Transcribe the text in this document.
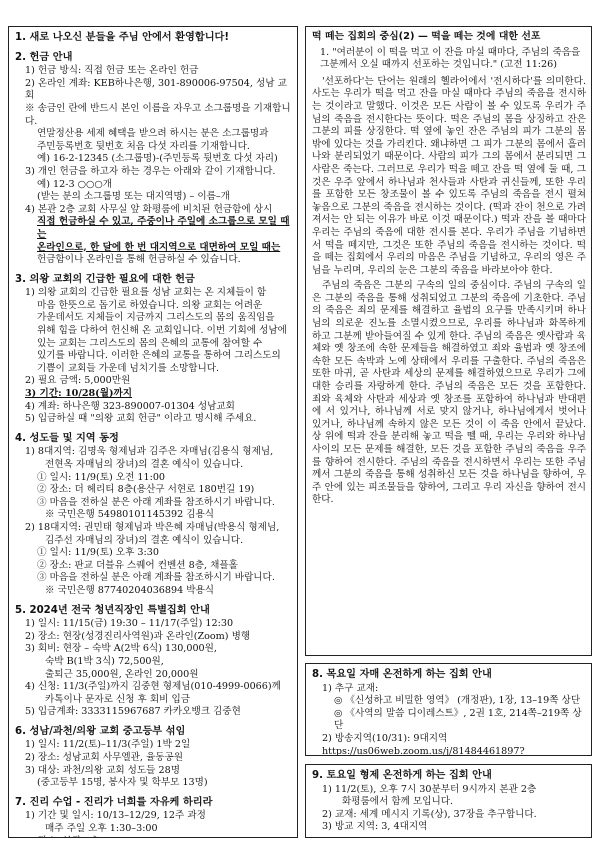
1. 새로 나오신 분들을 주님 안에서 환영합니다!
2. 헌금 안내
1) 헌금 방식: 직접 헌금 또는 온라인 헌금
2) 온라인 계좌: KEB하나은행, 301-890006-97504, 성남 교회
※ 송금인 란에 반드시 본인 이름을 자우고 소그룹명을 기재합니다.
연말정산용 세제 혜택을 받으려 하시는 분은 소그룹명과
주민등록번호 뒷번호 처음 다섯 자리를 기재합니다.
예) 16-2-12345 (소그룹명)-(주민등록 뒷번호 다섯 자리)
3) 개인 헌금을 하고자 하는 경우는 아래와 같이 기재합니다.
예) 12-3 ○○○개
(받는 분의 소그룹명 또는 대지역명) – 이름–개
4) 본관 2층 교회 사무실 앞 화평룸에 비치된 헌금함에 상시
직접 헌금하실 수 있고, 주중이나 주일에 소그룹으로 모일 때는
온라인으로, 한 달에 한 번 대지역으로 대면하여 모일 때는
헌금함이나 온라인을 통해 헌금하실 수 있습니다.
3. 의왕 교회의 긴급한 필요에 대한 헌금
1) 의왕 교회의 긴급한 필요를 성남 교회는 온 지체들이 함
마음 한뜻으로 돕기로 하였습니다. 의왕 교회는 어려운
가운데서도 지체들이 지금까지 그리스도의 몸의 움직임을
위해 힘을 다하여 헌신해 온 교회입니다. 이번 기회에 성남에
있는 교회는 그리스도의 몸의 은혜의 교통에 참여할 수
있기를 바랍니다. 이러한 은혜의 교통을 통하여 그리스도의
기쁨이 교회들 가운데 넘치기를 소망합니다.
2) 필요 금액: 5,000만원
3) 기간: 10/28(월)까지
4) 계좌: 하나은행 323-890007-01304 성남교회
5) 입금하실 때 "의왕 교회 헌금" 이라고 명시해 주세요.
4. 성도들 및 지역 동정
1) 8대지역: 김명욱 형제님과 김주은 자매님(김용식 형제님,
전현옥 자매님의 장녀)의 결혼 예식이 있습니다.
① 일시: 11/9(토) 오전 11:00
② 장소: 더 헤리티 8층(용산구 서현로 180번길 19)
③ 마음을 전하실 분은 아래 계좌를 참조하시기 바랍니다.
※ 국민은행 54980101145392 김용식
2) 18대지역: 권민태 형제님과 박은혜 자매님(박용식 형제님,
김주선 자매님의 장녀)의 결혼 예식이 있습니다.
① 일시: 11/9(토) 오후 3:30
② 장소: 판교 더블유 스퀘어 컨벤션 8층, 채플홀
③ 마음을 전하실 분은 아래 계좌를 참조하시기 바랍니다.
※ 국민은행 87740204036894 박용식
5. 2024년 전국 청년직장인 특별집회 안내
1) 일시: 11/15(금) 19:30 – 11/17(주일) 12:30
2) 장소: 현장(성경진리사역원)과 온라인(Zoom) 병행
3) 회비: 현장 – 숙박 A(2박 6식) 130,000원,
숙박 B(1박 3식) 72,500원,
출퇴근 35,000원, 온라인 20,000원
4) 신청: 11/3(주일)까지 김중현 형제님(010-4999-0066)께
카톡이나 문자로 신청 후 회비 입금
5) 입금계좌: 3333115967687 카카오뱅크 김중현
6. 성남/과천/의왕 교회 중고등부 섞임
1) 일시: 11/2(토)–11/3(주일) 1박 2일
2) 장소: 성남교회 사무엘관, 율동공원
3) 대상: 과천/의왕 교회 성도들 28명
(중고등부 15명, 봉사자 및 학부모 13명)
7. 진리 수업 - 진리가 너희를 자유케 하리라
1) 기간 및 일시: 10/13–12/29, 12주 과정
매주 주일 오후 1:30–3:00
떡 떼는 집회의 중심(2) — 떡을 떼는 것에 대한 선포
1. "여러분이 이 떡을 먹고 이 잔을 마실 때마다, 주님의 죽음을 그분께서 오실 때까지 선포하는 것입니다." (고전 11:26)
'선포하다'는 단어는 원래의 헬라어에서 '전시하다'를 의미한다. 사도는 우리가 떡을 먹고 잔을 마실 때마다 주님의 죽음을 전시하는 것이라고 말했다. 이것은 모든 사람이 볼 수 있도록 우리가 주님의 죽음을 전시한다는 뜻이다. 떡은 주님의 몸을 상징하고 잔은 그분의 피를 상징한다. 떡 옆에 놓인 잔은 주님의 피가 그분의 몸 밖에 있다는 것을 가리킨다. 왜냐하면 그 피가 그분의 몸에서 흘러나와 분리되었기 때문이다. 사람의 피가 그의 몸에서 분리되면 그 사람은 죽는다. 그러므로 우리가 떡을 떼고 잔을 떡 옆에 둘 때, 그것은 우주 앞에서 하나님과 천사들과 사탄과 귀신들께, 또한 우리를 포함한 모든 창조물이 볼 수 있도록 주님의 죽음을 전시 펼쳐 놓음으로 그분의 죽음을 전시하는 것이다. (떡과 잔이 천으로 가려져서는 안 되는 이유가 바로 이것 때문이다.) 떡과 잔을 볼 때마다 우리는 주님의 죽음에 대한 전시를 본다. 우리가 주님을 기념하면서 떡을 떼지만, 그것은 또한 주님의 죽음을 전시하는 것이다. 떡을 떼는 집회에서 우리의 마음은 주님을 기념하고, 우리의 영은 주님을 누리며, 우리의 눈은 그분의 죽음을 바라보아야 한다.
주님의 죽음은 그분의 구속의 일의 중심이다. 주님의 구속의 일은 그분의 죽음을 통해 성취되었고 그분의 죽음에 기초한다. 주님의 죽음은 죄의 문제를 해결하고 율법의 요구를 만족시키며 하나님의 의로운 진노를 소멸시켰으므로, 우리를 하나님과 화목하게 하고 그분께 받아들여질 수 있게 한다. 주님의 죽음은 옛사람과 육체와 옛 창조에 속한 문제들을 해결하였고 죄와 율법과 옛 창조에 속한 모든 속박과 노예 상태에서 우리를 구출한다. 주님의 죽음은 또한 마귀, 곧 사탄과 세상의 문제를 해결하였으므로 우리가 그에 대한 승리를 자랑하게 한다. 주님의 죽음은 모든 것을 포함한다. 죄와 육체와 사탄과 세상과 옛 창조를 포함하여 하나님과 반대편에 서 있거나, 하나님께 서로 맞지 않거나, 하나님에게서 벗어나 있거나, 하나님께 속하지 않은 모든 것이 이 죽음 안에서 끝났다. 상 위에 떡과 잔을 분리해 놓고 떡을 뗄 때, 우리는 우리와 하나님 사이의 모든 문제를 해결한, 모든 것을 포함한 주님의 죽음을 우주를 향하여 전시한다. 주님의 죽음을 전시하면서 우리는 또한 주님께서 그분의 죽음을 통해 성취하신 모든 것을 하나님을 향하여, 우주 안에 있는 피조물들을 향하여, 그리고 우리 자신을 향하여 전시한다.
8. 목요일 자매 온전하게 하는 집회 안내
1) 추구 교재:
◎ 《신성하고 비밀한 영역》 (개정판), 1장, 13–19쪽 상단
◎ 《사역의 말씀 디이레스트》, 2권 1호, 214쪽–219쪽 상단
2) 방송지역(10/31): 9대지역
https://us06web.zoom.us/j/81484461897?
9. 토요일 형제 온전하게 하는 집회 안내
1) 11/2(토), 오후 7시 30분부터 9시까지 본관 2층
화평룸에서 함께 모입니다.
2) 교재: 세계 메시지 기록(상), 37장을 추구합니다.
3) 방교 지역: 3, 4대지역
